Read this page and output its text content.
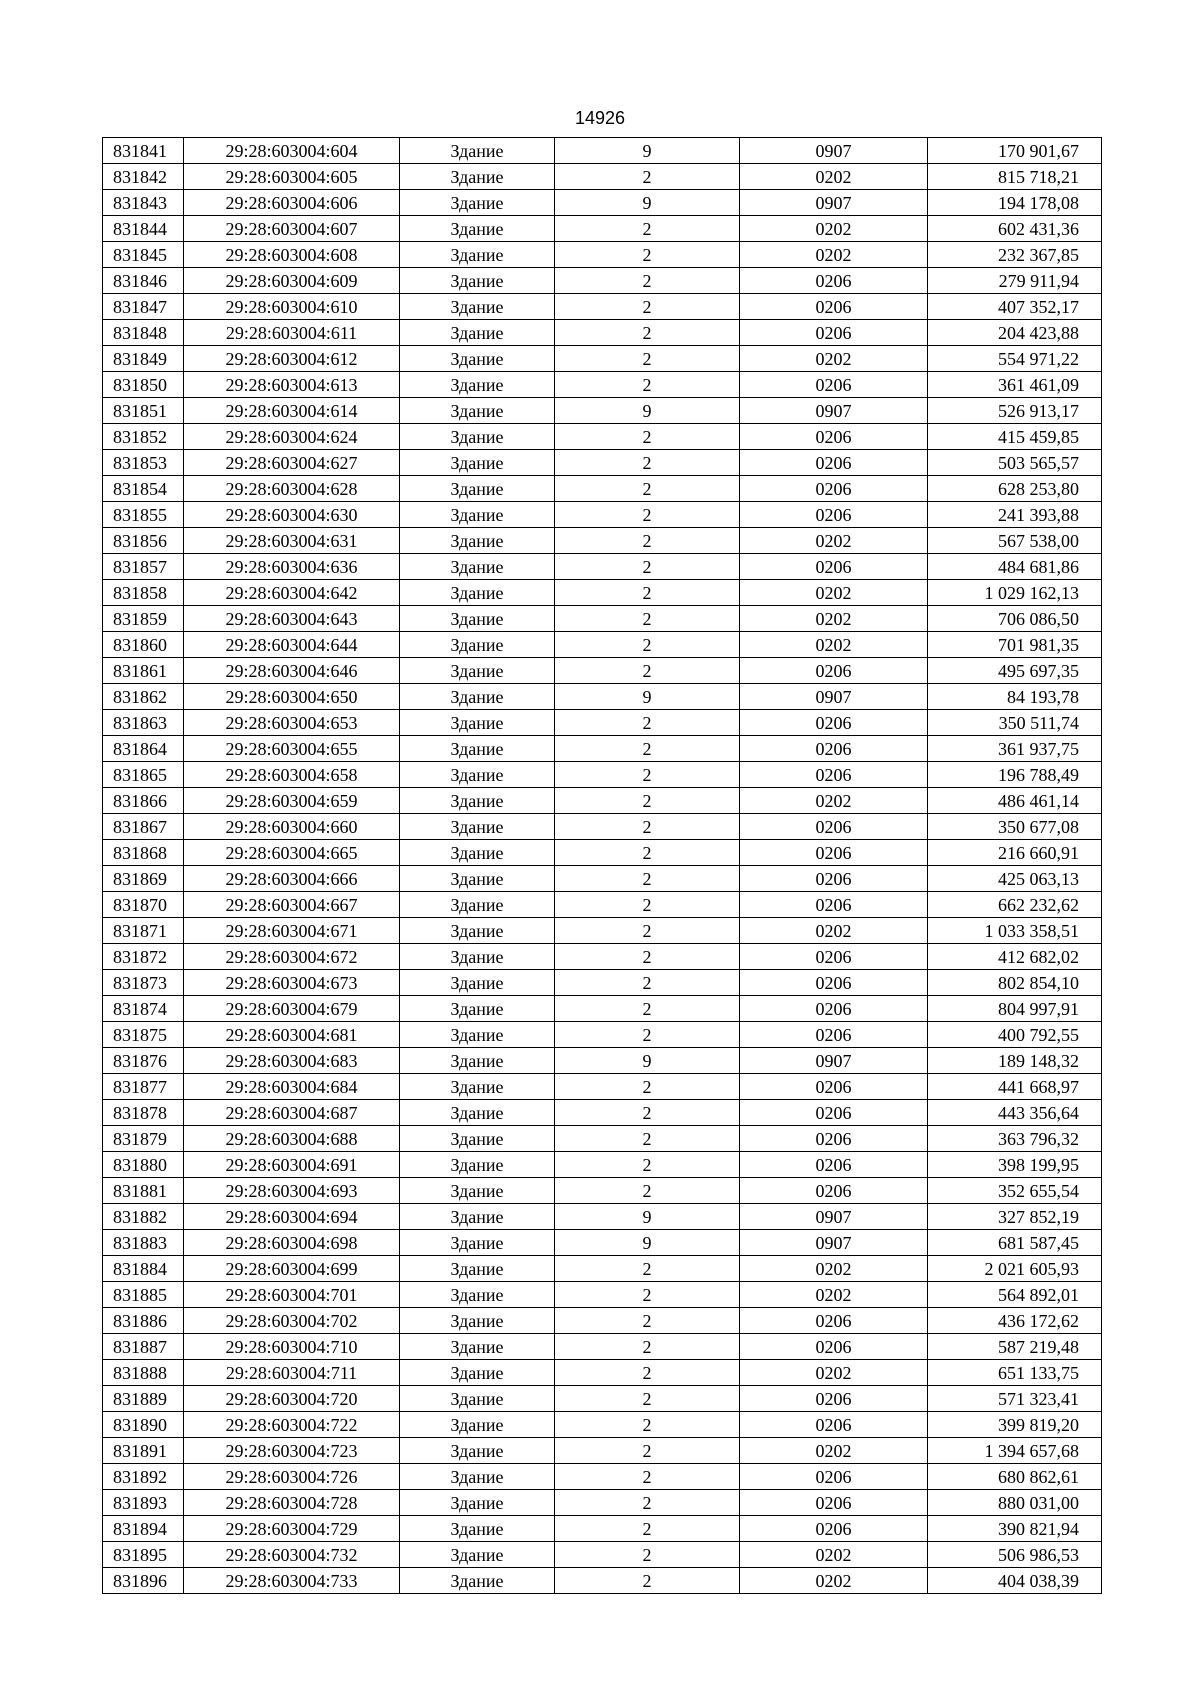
14926
831841	29:28:603004:604	Здание	9	0907	170 901,67
831842	29:28:603004:605	Здание	2	0202	815 718,21
831843	29:28:603004:606	Здание	9	0907	194 178,08
831844	29:28:603004:607	Здание	2	0202	602 431,36
831845	29:28:603004:608	Здание	2	0202	232 367,85
831846	29:28:603004:609	Здание	2	0206	279 911,94
831847	29:28:603004:610	Здание	2	0206	407 352,17
831848	29:28:603004:611	Здание	2	0206	204 423,88
831849	29:28:603004:612	Здание	2	0202	554 971,22
831850	29:28:603004:613	Здание	2	0206	361 461,09
831851	29:28:603004:614	Здание	9	0907	526 913,17
831852	29:28:603004:624	Здание	2	0206	415 459,85
831853	29:28:603004:627	Здание	2	0206	503 565,57
831854	29:28:603004:628	Здание	2	0206	628 253,80
831855	29:28:603004:630	Здание	2	0206	241 393,88
831856	29:28:603004:631	Здание	2	0202	567 538,00
831857	29:28:603004:636	Здание	2	0206	484 681,86
831858	29:28:603004:642	Здание	2	0202	1 029 162,13
831859	29:28:603004:643	Здание	2	0202	706 086,50
831860	29:28:603004:644	Здание	2	0202	701 981,35
831861	29:28:603004:646	Здание	2	0206	495 697,35
831862	29:28:603004:650	Здание	9	0907	84 193,78
831863	29:28:603004:653	Здание	2	0206	350 511,74
831864	29:28:603004:655	Здание	2	0206	361 937,75
831865	29:28:603004:658	Здание	2	0206	196 788,49
831866	29:28:603004:659	Здание	2	0202	486 461,14
831867	29:28:603004:660	Здание	2	0206	350 677,08
831868	29:28:603004:665	Здание	2	0206	216 660,91
831869	29:28:603004:666	Здание	2	0206	425 063,13
831870	29:28:603004:667	Здание	2	0206	662 232,62
831871	29:28:603004:671	Здание	2	0202	1 033 358,51
831872	29:28:603004:672	Здание	2	0206	412 682,02
831873	29:28:603004:673	Здание	2	0206	802 854,10
831874	29:28:603004:679	Здание	2	0206	804 997,91
831875	29:28:603004:681	Здание	2	0206	400 792,55
831876	29:28:603004:683	Здание	9	0907	189 148,32
831877	29:28:603004:684	Здание	2	0206	441 668,97
831878	29:28:603004:687	Здание	2	0206	443 356,64
831879	29:28:603004:688	Здание	2	0206	363 796,32
831880	29:28:603004:691	Здание	2	0206	398 199,95
831881	29:28:603004:693	Здание	2	0206	352 655,54
831882	29:28:603004:694	Здание	9	0907	327 852,19
831883	29:28:603004:698	Здание	9	0907	681 587,45
831884	29:28:603004:699	Здание	2	0202	2 021 605,93
831885	29:28:603004:701	Здание	2	0202	564 892,01
831886	29:28:603004:702	Здание	2	0206	436 172,62
831887	29:28:603004:710	Здание	2	0206	587 219,48
831888	29:28:603004:711	Здание	2	0202	651 133,75
831889	29:28:603004:720	Здание	2	0206	571 323,41
831890	29:28:603004:722	Здание	2	0206	399 819,20
831891	29:28:603004:723	Здание	2	0202	1 394 657,68
831892	29:28:603004:726	Здание	2	0206	680 862,61
831893	29:28:603004:728	Здание	2	0206	880 031,00
831894	29:28:603004:729	Здание	2	0206	390 821,94
831895	29:28:603004:732	Здание	2	0202	506 986,53
831896	29:28:603004:733	Здание	2	0202	404 038,39
